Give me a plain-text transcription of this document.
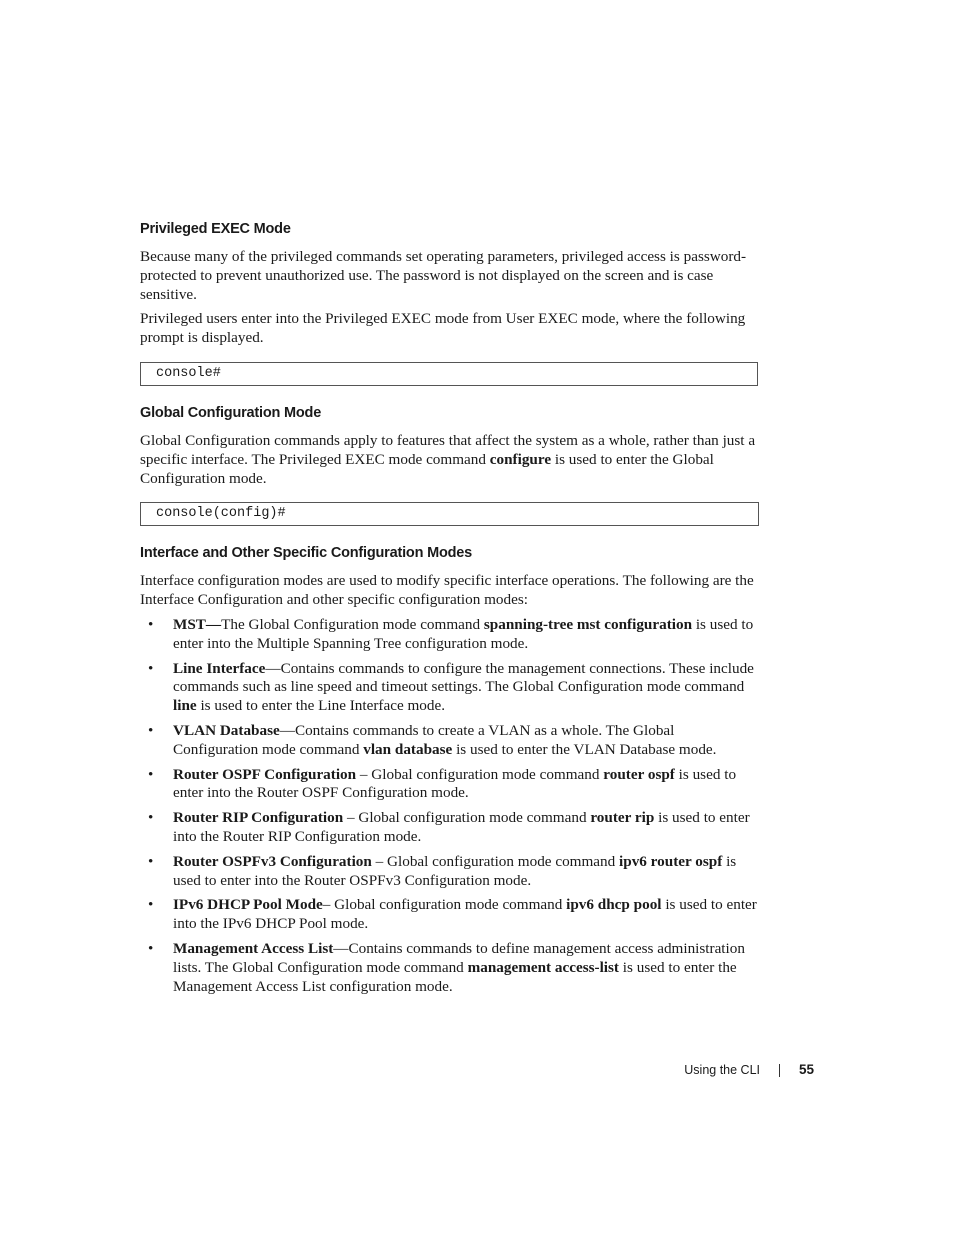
Privileged EXEC Mode

Because many of the privileged commands set operating parameters, privileged access is password-protected to prevent unauthorized use. The password is not displayed on the screen and is case sensitive.

Privileged users enter into the Privileged EXEC mode from User EXEC mode, where the following prompt is displayed.

console#
Global Configuration Mode

Global Configuration commands apply to features that affect the system as a whole, rather than just a specific interface. The Privileged EXEC mode command configure is used to enter the Global Configuration mode.

console(config)#
Interface and Other Specific Configuration Modes

Interface configuration modes are used to modify specific interface operations. The following are the Interface Configuration and other specific configuration modes:

• MST—The Global Configuration mode command spanning-tree mst configuration is used to enter into the Multiple Spanning Tree configuration mode.
• Line Interface—Contains commands to configure the management connections. These include commands such as line speed and timeout settings. The Global Configuration mode command line is used to enter the Line Interface mode.
• VLAN Database—Contains commands to create a VLAN as a whole. The Global Configuration mode command vlan database is used to enter the VLAN Database mode.
• Router OSPF Configuration – Global configuration mode command router ospf is used to enter into the Router OSPF Configuration mode.
• Router RIP Configuration – Global configuration mode command router rip is used to enter into the Router RIP Configuration mode.
• Router OSPFv3 Configuration – Global configuration mode command ipv6 router ospf is used to enter into the Router OSPFv3 Configuration mode.
• IPv6 DHCP Pool Mode– Global configuration mode command ipv6 dhcp pool is used to enter into the IPv6 DHCP Pool mode.
• Management Access List—Contains commands to define management access administration lists. The Global Configuration mode command management access-list is used to enter the Management Access List configuration mode.
Using the CLI	55
